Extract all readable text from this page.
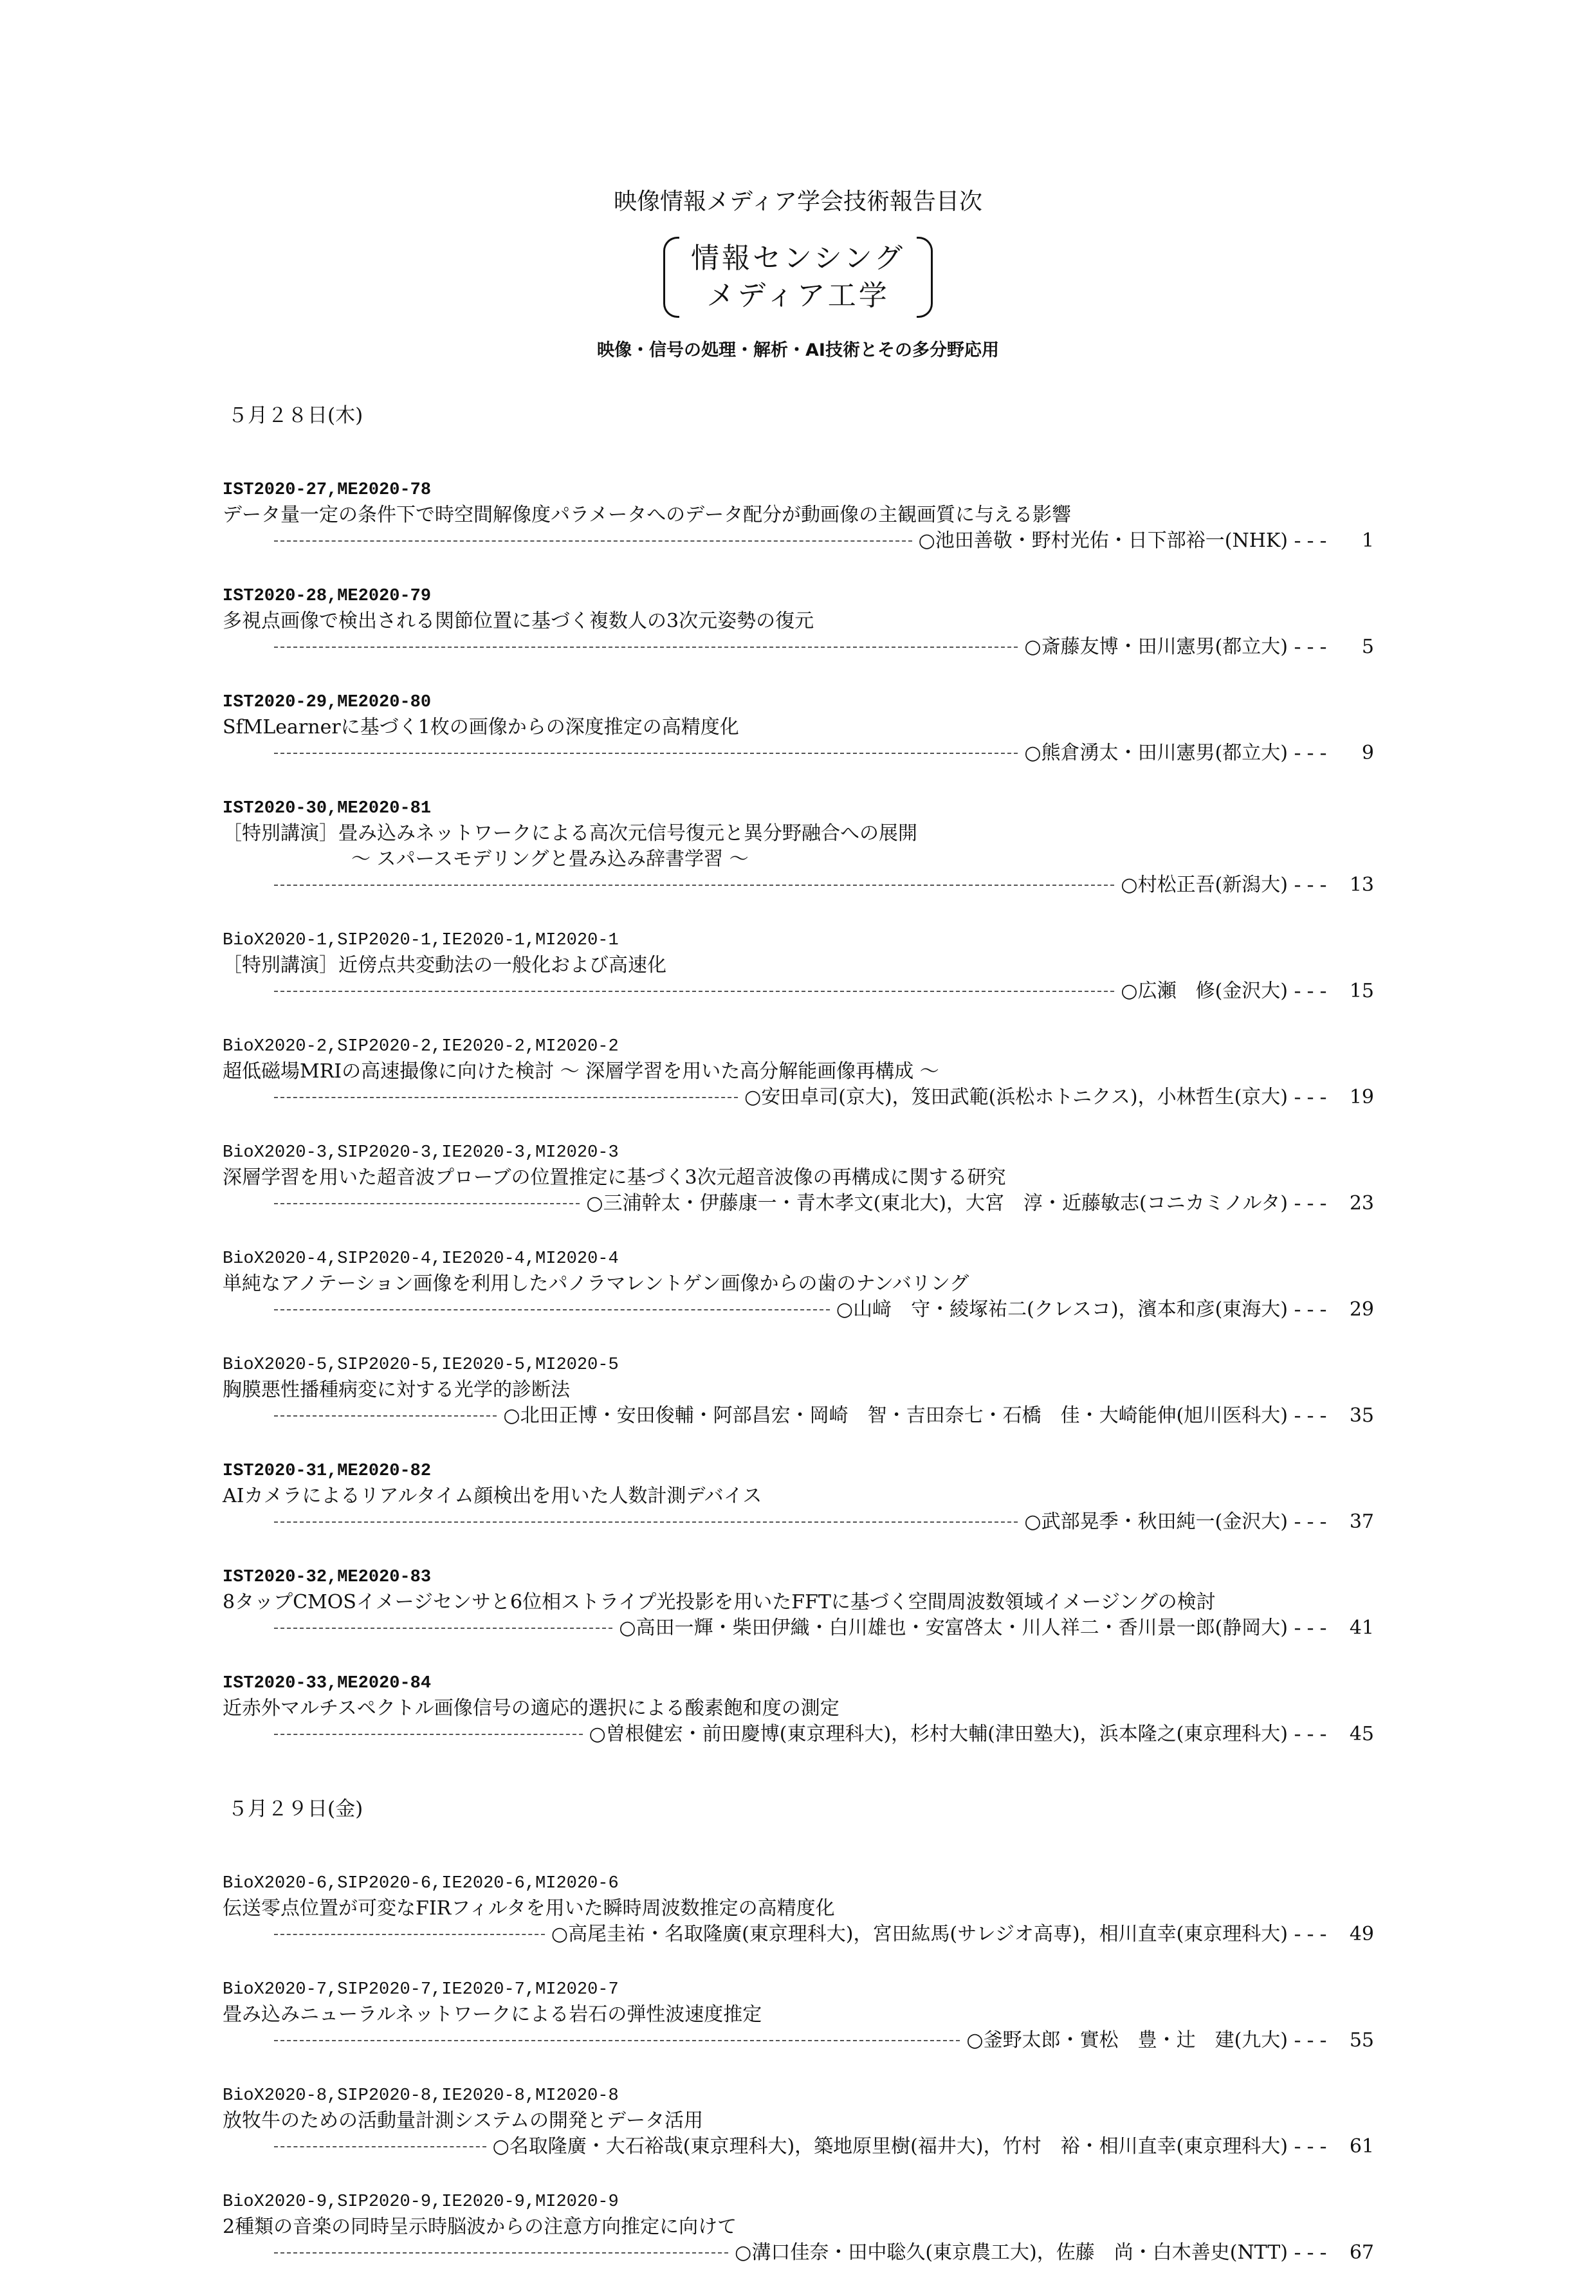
映像情報メディア学会技術報告目次
情報センシング
メディア工学
映像・信号の処理・解析・AI技術とその多分野応用
５月２８日(木)
IST2020-27,ME2020-78
データ量一定の条件下で時空間解像度パラメータへのデータ配分が動画像の主観画質に与える影響
○池田善敬・野村光佑・日下部裕一(NHK) ---	1
IST2020-28,ME2020-79
多視点画像で検出される関節位置に基づく複数人の3次元姿勢の復元
○斎藤友博・田川憲男(都立大) ---	5
IST2020-29,ME2020-80
SfMLearnerに基づく1枚の画像からの深度推定の高精度化
○熊倉湧太・田川憲男(都立大) ---	9
IST2020-30,ME2020-81
［特別講演］畳み込みネットワークによる高次元信号復元と異分野融合への展開
～ スパースモデリングと畳み込み辞書学習 ～
○村松正吾(新潟大) --- 13
BioX2020-1,SIP2020-1,IE2020-1,MI2020-1
［特別講演］近傍点共変動法の一般化および高速化
○広瀬　修(金沢大) --- 15
BioX2020-2,SIP2020-2,IE2020-2,MI2020-2
超低磁場MRIの高速撮像に向けた検討 ～ 深層学習を用いた高分解能画像再構成 ～
○安田卓司(京大)，笈田武範(浜松ホトニクス)，小林哲生(京大) --- 19
BioX2020-3,SIP2020-3,IE2020-3,MI2020-3
深層学習を用いた超音波プローブの位置推定に基づく3次元超音波像の再構成に関する研究
○三浦幹太・伊藤康一・青木孝文(東北大)，大宮　淳・近藤敏志(コニカミノルタ) --- 23
BioX2020-4,SIP2020-4,IE2020-4,MI2020-4
単純なアノテーション画像を利用したパノラマレントゲン画像からの歯のナンバリング
○山﨑　守・綾塚祐二(クレスコ)，濱本和彦(東海大) --- 29
BioX2020-5,SIP2020-5,IE2020-5,MI2020-5
胸膜悪性播種病変に対する光学的診断法
○北田正博・安田俊輔・阿部昌宏・岡崎　智・吉田奈七・石橋　佳・大崎能伸(旭川医科大) --- 35
IST2020-31,ME2020-82
AIカメラによるリアルタイム顔検出を用いた人数計測デバイス
○武部晃季・秋田純一(金沢大) --- 37
IST2020-32,ME2020-83
8タップCMOSイメージセンサと6位相ストライプ光投影を用いたFFTに基づく空間周波数領域イメージングの検討
○高田一輝・柴田伊織・白川雄也・安富啓太・川人祥二・香川景一郎(静岡大) --- 41
IST2020-33,ME2020-84
近赤外マルチスペクトル画像信号の適応的選択による酸素飽和度の測定
○曽根健宏・前田慶博(東京理科大)，杉村大輔(津田塾大)，浜本隆之(東京理科大) --- 45
５月２９日(金)
BioX2020-6,SIP2020-6,IE2020-6,MI2020-6
伝送零点位置が可変なFIRフィルタを用いた瞬時周波数推定の高精度化
○高尾圭祐・名取隆廣(東京理科大)，宮田紘馬(サレジオ高専)，相川直幸(東京理科大) --- 49
BioX2020-7,SIP2020-7,IE2020-7,MI2020-7
畳み込みニューラルネットワークによる岩石の弾性波速度推定
○釜野太郎・實松　豊・辻　建(九大) --- 55
BioX2020-8,SIP2020-8,IE2020-8,MI2020-8
放牧牛のための活動量計測システムの開発とデータ活用
○名取隆廣・大石裕哉(東京理科大)，築地原里樹(福井大)，竹村　裕・相川直幸(東京理科大) --- 61
BioX2020-9,SIP2020-9,IE2020-9,MI2020-9
2種類の音楽の同時呈示時脳波からの注意方向推定に向けて
○溝口佳奈・田中聡久(東京農工大)，佐藤　尚・白木善史(NTT) --- 67
